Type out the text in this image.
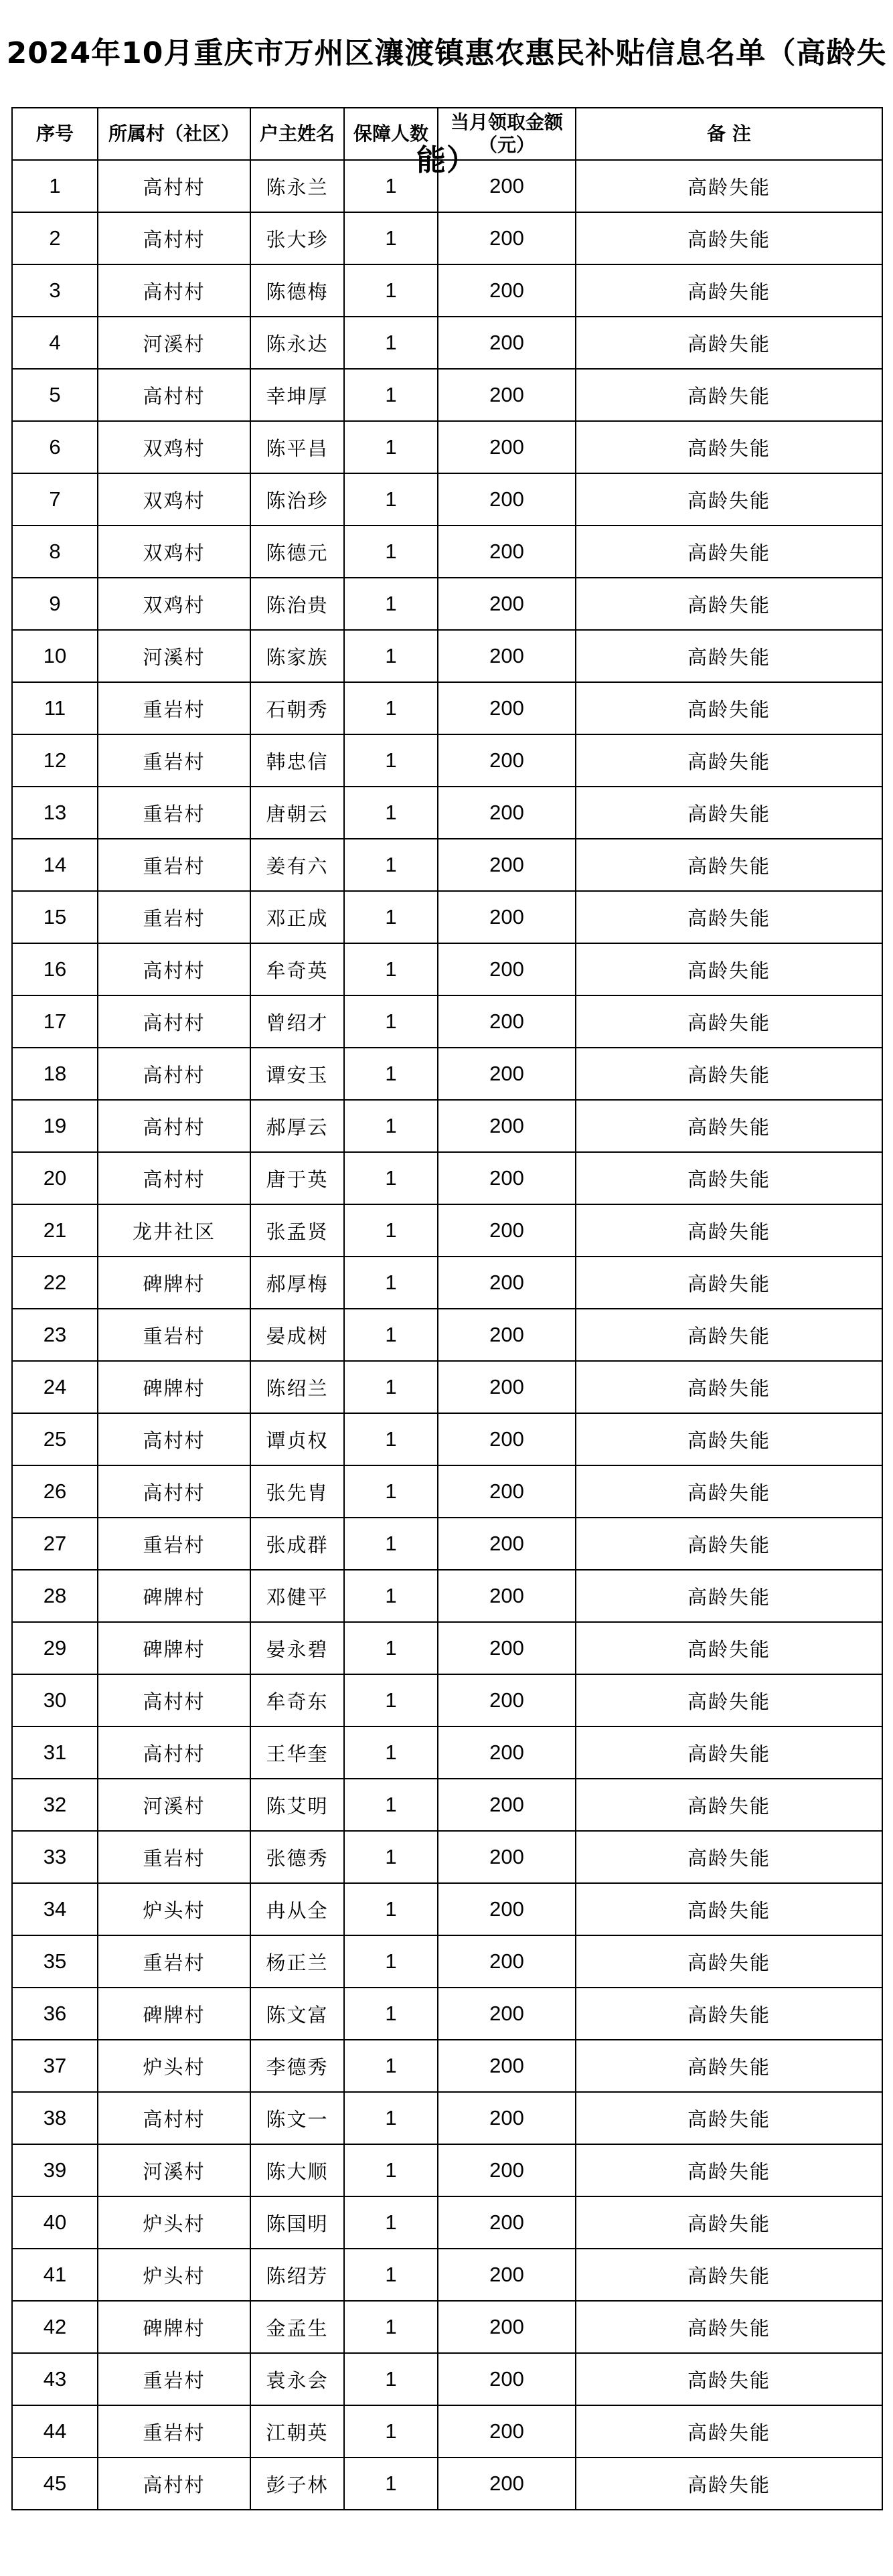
2024年10月重庆市万州区瀼渡镇惠农惠民补贴信息名单（高龄失能）
序号	所属村（社区）	户主姓名	保障人数	当月领取金额（元）	备 注
1	高村村	陈永兰	1	200	高龄失能
2	高村村	张大珍	1	200	高龄失能
3	高村村	陈德梅	1	200	高龄失能
4	河溪村	陈永达	1	200	高龄失能
5	高村村	幸坤厚	1	200	高龄失能
6	双鸡村	陈平昌	1	200	高龄失能
7	双鸡村	陈治珍	1	200	高龄失能
8	双鸡村	陈德元	1	200	高龄失能
9	双鸡村	陈治贵	1	200	高龄失能
10	河溪村	陈家族	1	200	高龄失能
11	重岩村	石朝秀	1	200	高龄失能
12	重岩村	韩忠信	1	200	高龄失能
13	重岩村	唐朝云	1	200	高龄失能
14	重岩村	姜有六	1	200	高龄失能
15	重岩村	邓正成	1	200	高龄失能
16	高村村	牟奇英	1	200	高龄失能
17	高村村	曾绍才	1	200	高龄失能
18	高村村	谭安玉	1	200	高龄失能
19	高村村	郝厚云	1	200	高龄失能
20	高村村	唐于英	1	200	高龄失能
21	龙井社区	张孟贤	1	200	高龄失能
22	碑牌村	郝厚梅	1	200	高龄失能
23	重岩村	晏成树	1	200	高龄失能
24	碑牌村	陈绍兰	1	200	高龄失能
25	高村村	谭贞权	1	200	高龄失能
26	高村村	张先胄	1	200	高龄失能
27	重岩村	张成群	1	200	高龄失能
28	碑牌村	邓健平	1	200	高龄失能
29	碑牌村	晏永碧	1	200	高龄失能
30	高村村	牟奇东	1	200	高龄失能
31	高村村	王华奎	1	200	高龄失能
32	河溪村	陈艾明	1	200	高龄失能
33	重岩村	张德秀	1	200	高龄失能
34	炉头村	冉从全	1	200	高龄失能
35	重岩村	杨正兰	1	200	高龄失能
36	碑牌村	陈文富	1	200	高龄失能
37	炉头村	李德秀	1	200	高龄失能
38	高村村	陈文一	1	200	高龄失能
39	河溪村	陈大顺	1	200	高龄失能
40	炉头村	陈国明	1	200	高龄失能
41	炉头村	陈绍芳	1	200	高龄失能
42	碑牌村	金孟生	1	200	高龄失能
43	重岩村	袁永会	1	200	高龄失能
44	重岩村	江朝英	1	200	高龄失能
45	高村村	彭子林	1	200	高龄失能
